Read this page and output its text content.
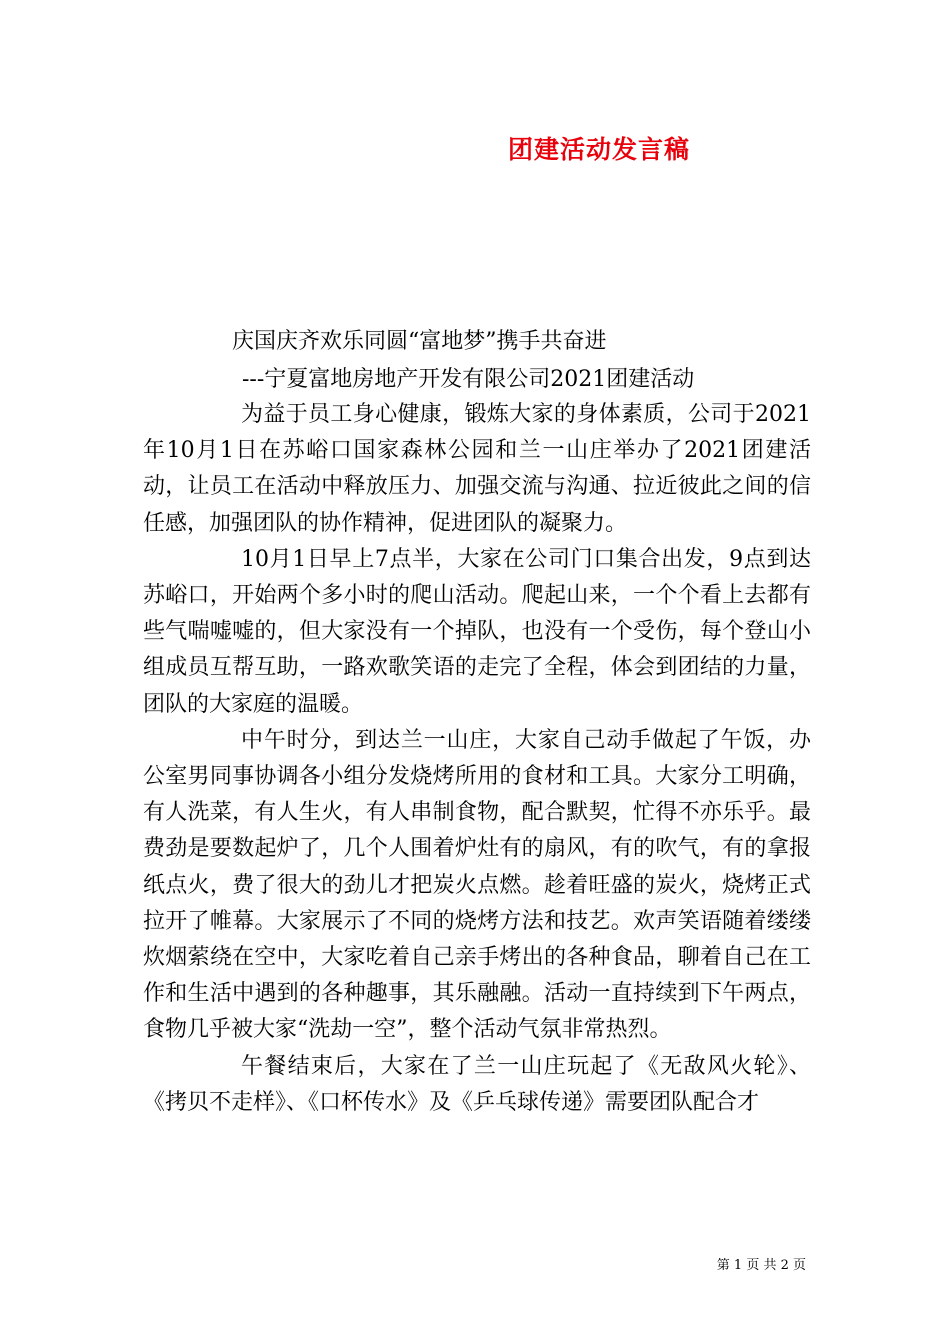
团建活动发言稿
庆国庆齐欢乐同圆“富地梦”携手共奋进
---宁夏富地房地产开发有限公司2021团建活动

为益于员工身心健康，锻炼大家的身体素质，公司于2021年10月1日在苏峪口国家森林公园和兰一山庄举办了2021团建活动，让员工在活动中释放压力、加强交流与沟通、拉近彼此之间的信任感，加强团队的协作精神，促进团队的凝聚力。

10月1日早上7点半，大家在公司门口集合出发，9点到达苏峪口，开始两个多小时的爬山活动。爬起山来，一个个看上去都有些气喘嘘嘘的，但大家没有一个掉队，也没有一个受伤，每个登山小组成员互帮互助，一路欢歌笑语的走完了全程，体会到团结的力量，团队的大家庭的温暖。

中午时分，到达兰一山庄，大家自己动手做起了午饭，办公室男同事协调各小组分发烧烤所用的食材和工具。大家分工明确，有人洗菜，有人生火，有人串制食物，配合默契，忙得不亦乐乎。最费劲是要数起炉了，几个人围着炉灶有的扇风，有的吹气，有的拿报纸点火，费了很大的劲儿才把炭火点燃。趁着旺盛的炭火，烧烤正式拉开了帷幕。大家展示了不同的烧烤方法和技艺。欢声笑语随着缕缕炊烟萦绕在空中，大家吃着自己亲手烤出的各种食品，聊着自己在工作和生活中遇到的各种趣事，其乐融融。活动一直持续到下午两点，食物几乎被大家“洗劫一空”，整个活动气氛非常热烈。

午餐结束后，大家在了兰一山庄玩起了《无敌风火轮》、《拷贝不走样》、《口杯传水》及《乒乓球传递》需要团队配合才

第 1 页 共 2 页
